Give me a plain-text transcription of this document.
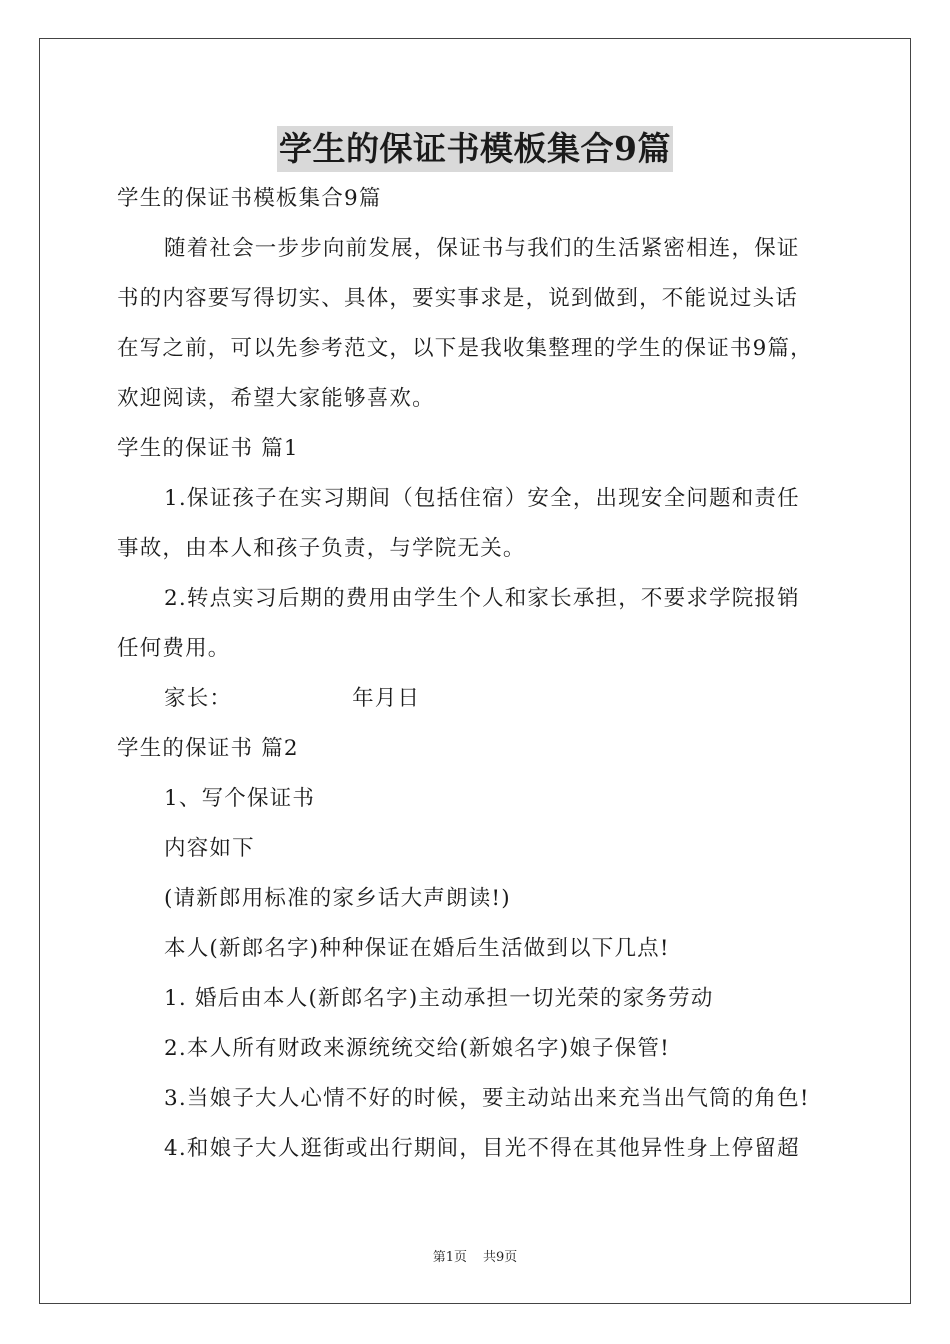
学生的保证书模板集合9篇
学生的保证书模板集合9篇
随着社会一步步向前发展，保证书与我们的生活紧密相连，保证
书的内容要写得切实、具体，要实事求是，说到做到，不能说过头话
在写之前，可以先参考范文，以下是我收集整理的学生的保证书9篇，
欢迎阅读，希望大家能够喜欢。
学生的保证书 篇1
1.保证孩子在实习期间（包括住宿）安全，出现安全问题和责任
事故，由本人和孩子负责，与学院无关。
2.转点实习后期的费用由学生个人和家长承担，不要求学院报销
任何费用。
家长：	年月日
学生的保证书 篇2
1、写个保证书
内容如下
(请新郎用标准的家乡话大声朗读!)
本人(新郎名字)种种保证在婚后生活做到以下几点!
1. 婚后由本人(新郎名字)主动承担一切光荣的家务劳动
2.本人所有财政来源统统交给(新娘名字)娘子保管!
3.当娘子大人心情不好的时候，要主动站出来充当出气筒的角色!
4.和娘子大人逛街或出行期间，目光不得在其他异性身上停留超
第1页 共9页
